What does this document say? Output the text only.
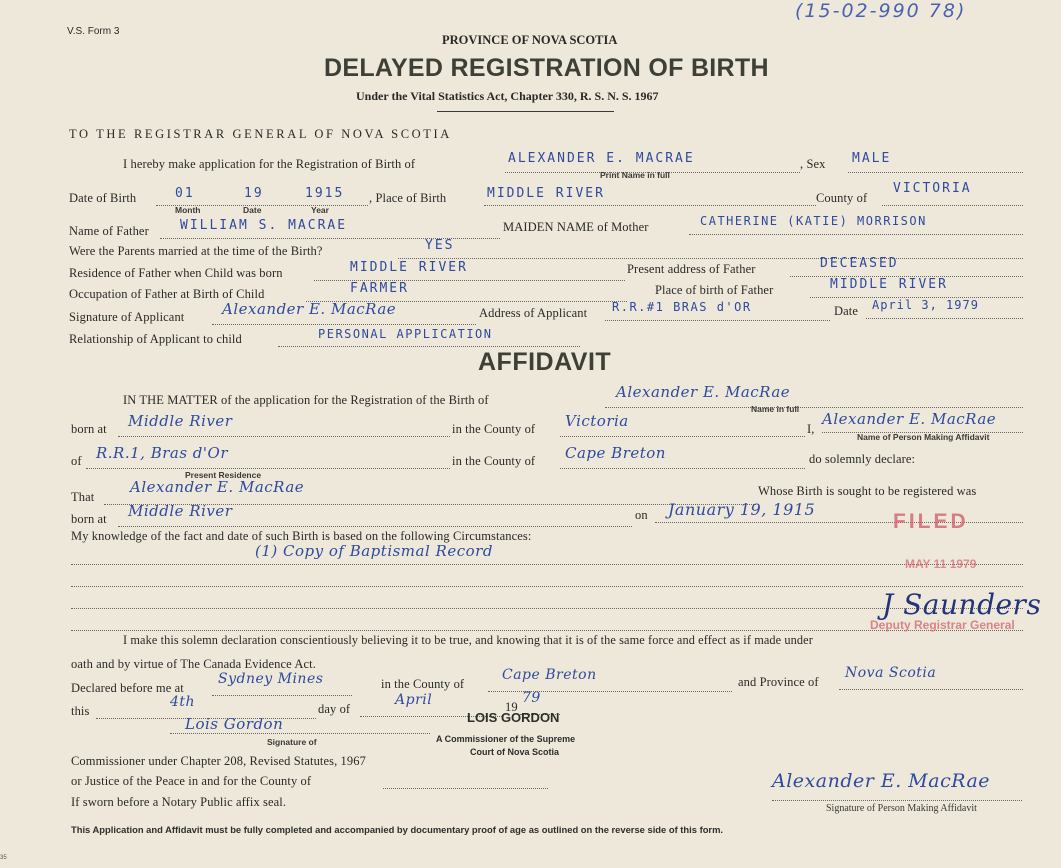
V.S. Form 3
(15-02-990 78)
PROVINCE OF NOVA SCOTIA
DELAYED REGISTRATION OF BIRTH
Under the Vital Statistics Act, Chapter 330, R. S. N. S. 1967
TO THE REGISTRAR GENERAL OF NOVA SCOTIA
I hereby make application for the Registration of Birth of	ALEXANDER E. MACRAE
Print Name in full
, Sex MALE
Date of Birth	01	19	1915
Month	Date	Year
, Place of Birth	MIDDLE RIVER	County of
VICTORIA
Name of Father WILLIAM S. MACRAE	MAIDEN NAME of Mother	CATHERINE (KATIE) MORRISON
Were the Parents married at the time of the Birth?	YES
Residence of Father when Child was born	MIDDLE RIVER	Present address of Father	DECEASED
Occupation of Father at Birth of Child	FARMER	Place of birth of Father	MIDDLE RIVER
Signature of Applicant	Alexander E. MacRae	Address of Applicant R.R.#1 BRAS d'OR	Date April 3, 1979
Relationship of Applicant to child	PERSONAL APPLICATION
AFFIDAVIT
IN THE MATTER of the application for the Registration of the Birth of	Alexander E. MacRae
Name in full
born at Middle River	in the County of Victoria	I,
Alexander E. MacRae
Name of Person Making Affidavit
of R.R.1, Bras d'Or
Present Residence
in the County of Cape Breton	do solemnly declare:
That
Alexander E. MacRae	Whose Birth is sought to be registered was
born at Middle River	on January 19, 1915
My knowledge of the fact and date of such Birth is based on the following Circumstances:
(1) Copy of Baptismal Record
I make this solemn declaration conscientiously believing it to be true, and knowing that it is of the same force and effect as if made under
oath and by virtue of The Canada Evidence Act.
Declared before me at
Sydney Mines	in the County of
Cape Breton	and Province of
Nova Scotia
this
4th	day of
April	19
79
Lois Gordon
Signature of
LOIS GORDON
A Commissioner of the Supreme
Court of Nova Scotia
Commissioner under Chapter 208, Revised Statutes, 1967
or Justice of the Peace in and for the County of
If sworn before a Notary Public affix seal.
Alexander E. MacRae
Signature of Person Making Affidavit
FILED
MAY 11 1979
J Saunders
Deputy Registrar General
This Application and Affidavit must be fully completed and accompanied by documentary proof of age as outlined on the reverse side of this form.
35
